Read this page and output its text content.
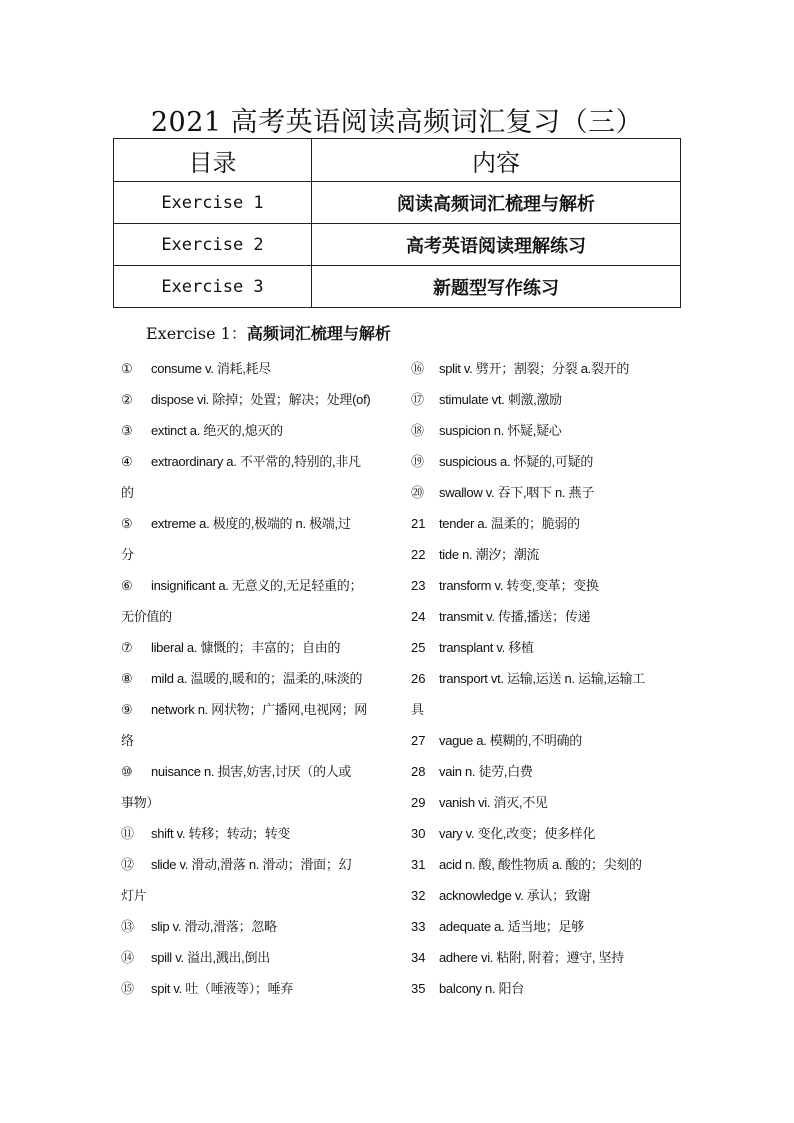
2021 高考英语阅读高频词汇复习（三）
目录	内容
Exercise 1	阅读高频词汇梳理与解析
Exercise 2	高考英语阅读理解练习
Exercise 3	新题型写作练习
Exercise 1：高频词汇梳理与解析
① consume v. 消耗,耗尽
② dispose vi. 除掉；处置；解决；处理(of)
③ extinct a. 绝灭的,熄灭的
④ extraordinary a. 不平常的,特别的,非凡
的
⑤ extreme a. 极度的,极端的 n. 极端,过
分
⑥ insignificant a. 无意义的,无足轻重的；
无价值的
⑦ liberal a. 慷慨的；丰富的；自由的
⑧ mild a. 温暖的,暖和的；温柔的,味淡的
⑨ network n. 网状物；广播网,电视网；网
络
⑩ nuisance n. 损害,妨害,讨厌（的人或
事物）
⑪ shift v. 转移；转动；转变
⑫ slide v. 滑动,滑落 n. 滑动；滑面；幻
灯片
⑬ slip v. 滑动,滑落；忽略
⑭ spill v. 溢出,溅出,倒出
⑮ spit v. 吐（唾液等）；唾弃
⑯ split v. 劈开；割裂；分裂 a.裂开的
⑰ stimulate vt. 刺激,激励
⑱ suspicion n. 怀疑,疑心
⑲ suspicious a. 怀疑的,可疑的
⑳ swallow v. 吞下,咽下 n. 燕子
21 tender a. 温柔的；脆弱的
22 tide n. 潮汐；潮流
23 transform v. 转变,变革；变换
24 transmit v. 传播,播送；传递
25 transplant v. 移植
26 transport vt. 运输,运送 n. 运输,运输工
具
27 vague a. 模糊的,不明确的
28 vain n. 徒劳,白费
29 vanish vi. 消灭,不见
30 vary v. 变化,改变；使多样化
31 acid n. 酸, 酸性物质 a. 酸的；尖刻的
32 acknowledge v. 承认；致谢
33 adequate a. 适当地；足够
34 adhere vi. 粘附, 附着；遵守, 坚持
35 balcony n. 阳台
